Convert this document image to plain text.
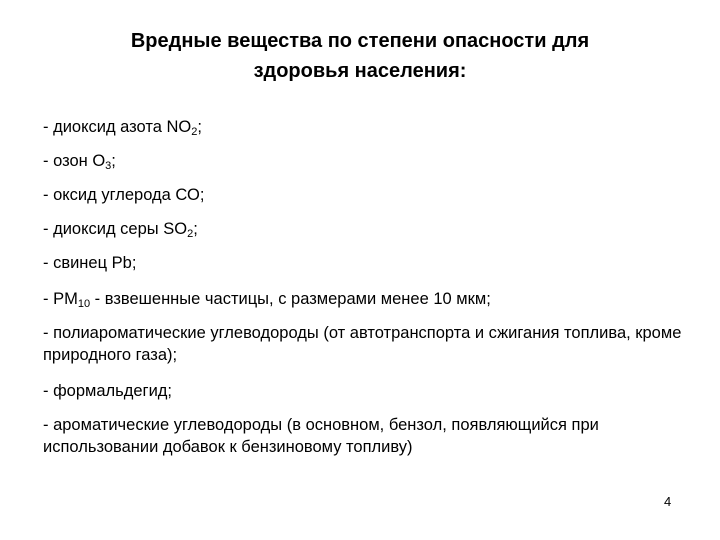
Вредные вещества по степени опасности для
здоровья населения:
- диоксид азота $NO_2$;
- озон $О_3$;
- оксид углерода СО;
- диоксид серы $SO_2$;
- свинец Pb;
- $PM_{10}$ - взвешенные частицы, с размерами менее 10 мкм;
- полиароматические углеводороды (от автотранспорта и сжигания топлива, кроме природного газа);
- формальдегид;
- ароматические углеводороды (в основном, бензол, появляющийся при использовании добавок к бензиновому топливу)
4
